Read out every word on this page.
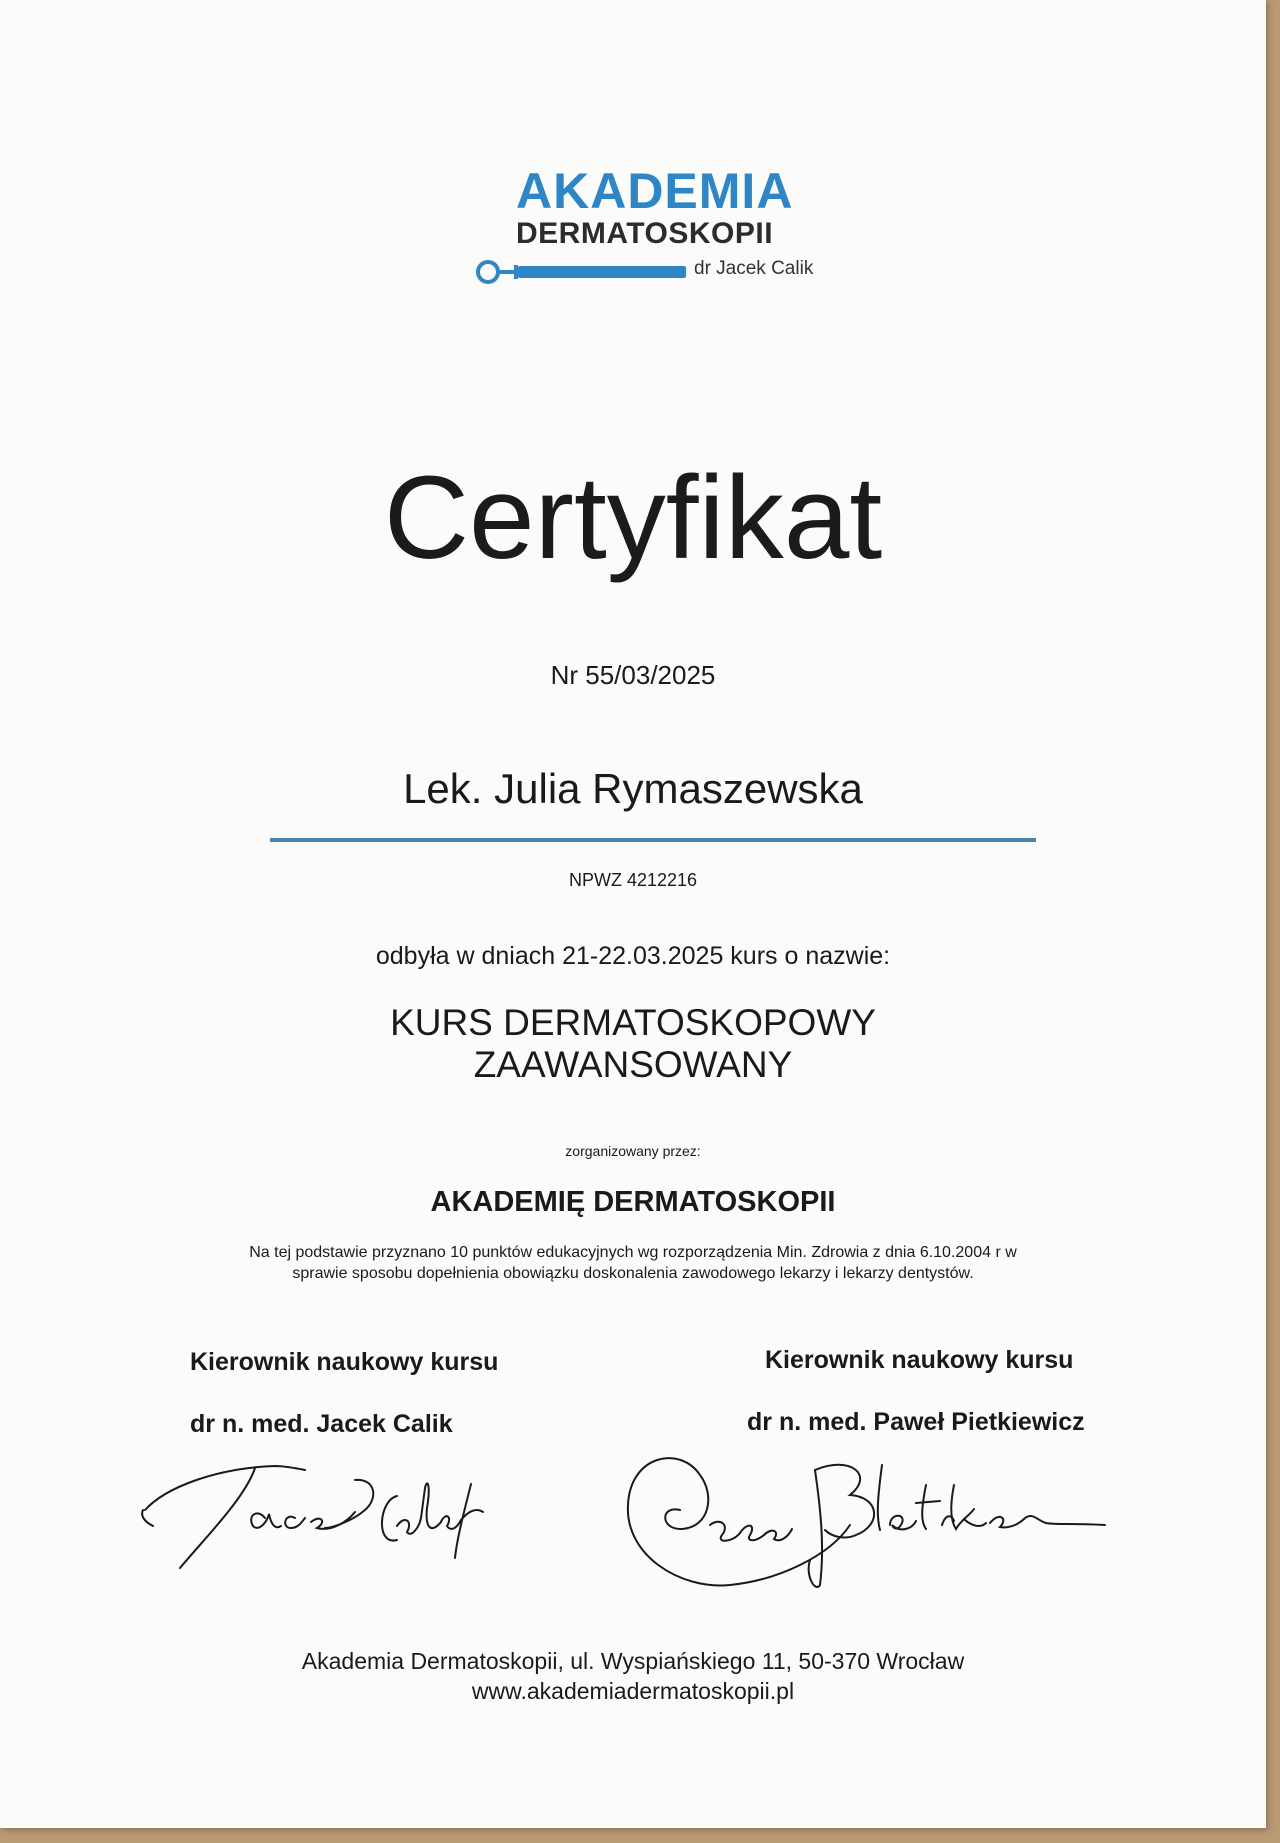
AKADEMIA
DERMATOSKOPII
dr Jacek Calik
Certyfikat
Nr 55/03/2025
Lek. Julia Rymaszewska
NPWZ 4212216
odbyła w dniach 21-22.03.2025 kurs o nazwie:
KURS DERMATOSKOPOWY
ZAAWANSOWANY
zorganizowany przez:
AKADEMIĘ DERMATOSKOPII
Na tej podstawie przyznano 10 punktów edukacyjnych wg rozporządzenia Min. Zdrowia z dnia 6.10.2004 r w
sprawie sposobu dopełnienia obowiązku doskonalenia zawodowego lekarzy i lekarzy dentystów.
Kierownik naukowy kursu
dr n. med. Jacek Calik
Kierownik naukowy kursu
dr n. med. Paweł Pietkiewicz
Akademia Dermatoskopii, ul. Wyspiańskiego 11, 50-370 Wrocław
www.akademiadermatoskopii.pl
